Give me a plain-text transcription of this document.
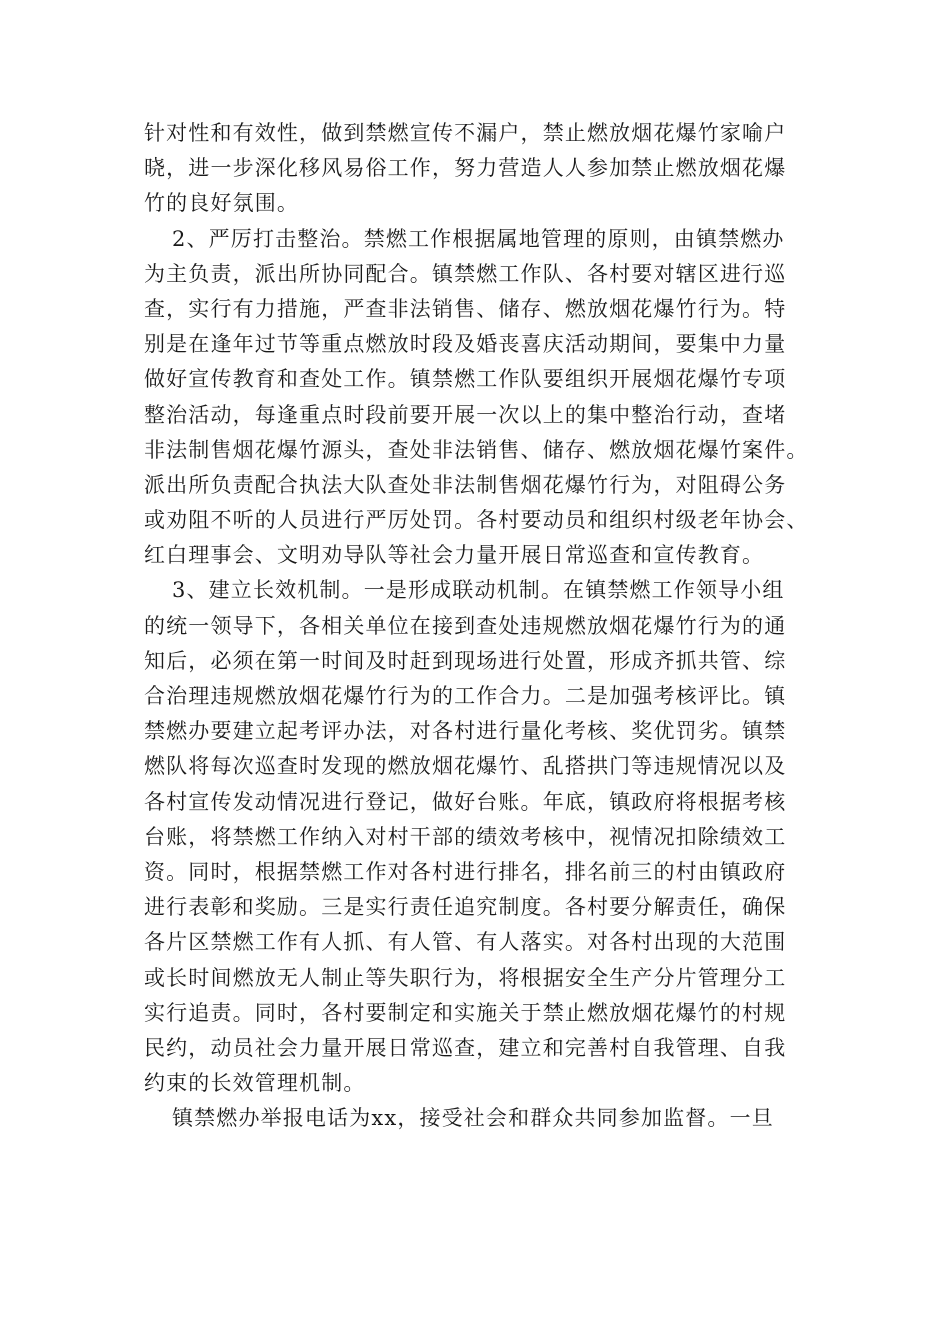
针对性和有效性，做到禁燃宣传不漏户，禁止燃放烟花爆竹家喻户
晓，进一步深化移风易俗工作，努力营造人人参加禁止燃放烟花爆
竹的良好氛围。
2、严厉打击整治。禁燃工作根据属地管理的原则，由镇禁燃办
为主负责，派出所协同配合。镇禁燃工作队、各村要对辖区进行巡
查，实行有力措施，严查非法销售、储存、燃放烟花爆竹行为。特
别是在逢年过节等重点燃放时段及婚丧喜庆活动期间，要集中力量
做好宣传教育和查处工作。镇禁燃工作队要组织开展烟花爆竹专项
整治活动，每逢重点时段前要开展一次以上的集中整治行动，查堵
非法制售烟花爆竹源头，查处非法销售、储存、燃放烟花爆竹案件。
派出所负责配合执法大队查处非法制售烟花爆竹行为，对阻碍公务
或劝阻不听的人员进行严厉处罚。各村要动员和组织村级老年协会、
红白理事会、文明劝导队等社会力量开展日常巡查和宣传教育。
3、建立长效机制。一是形成联动机制。在镇禁燃工作领导小组
的统一领导下，各相关单位在接到查处违规燃放烟花爆竹行为的通
知后，必须在第一时间及时赶到现场进行处置，形成齐抓共管、综
合治理违规燃放烟花爆竹行为的工作合力。二是加强考核评比。镇
禁燃办要建立起考评办法，对各村进行量化考核、奖优罚劣。镇禁
燃队将每次巡查时发现的燃放烟花爆竹、乱搭拱门等违规情况以及
各村宣传发动情况进行登记，做好台账。年底，镇政府将根据考核
台账，将禁燃工作纳入对村干部的绩效考核中，视情况扣除绩效工
资。同时，根据禁燃工作对各村进行排名，排名前三的村由镇政府
进行表彰和奖励。三是实行责任追究制度。各村要分解责任，确保
各片区禁燃工作有人抓、有人管、有人落实。对各村出现的大范围
或长时间燃放无人制止等失职行为，将根据安全生产分片管理分工
实行追责。同时，各村要制定和实施关于禁止燃放烟花爆竹的村规
民约，动员社会力量开展日常巡查，建立和完善村自我管理、自我
约束的长效管理机制。
镇禁燃办举报电话为xx，接受社会和群众共同参加监督。一旦
